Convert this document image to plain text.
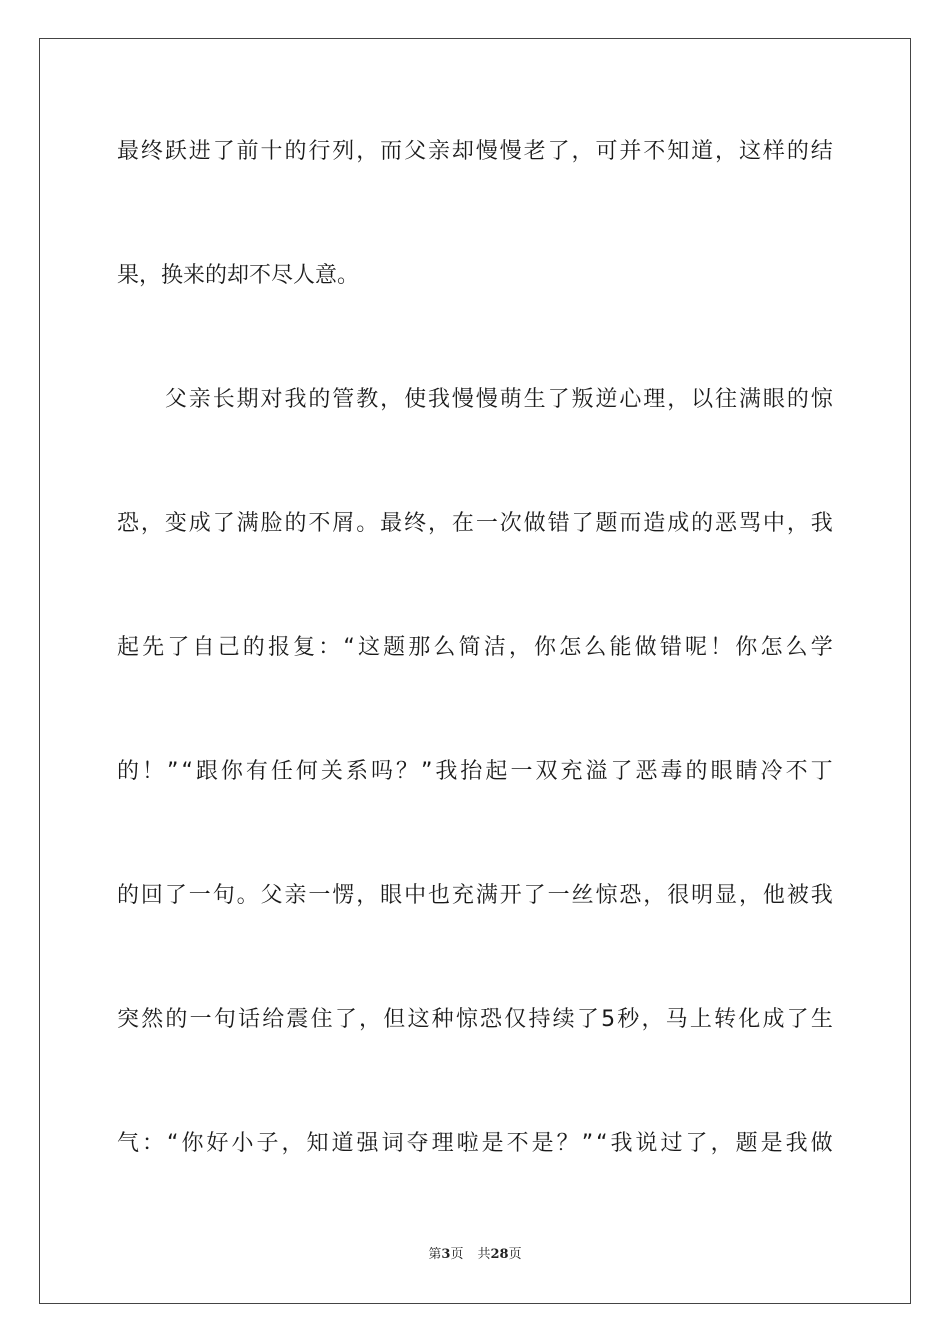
最 终 跃 进 了 前 十 的 行 列 ， 而 父 亲 却 慢 慢 老 了 ， 可 并 不 知 道 ， 这 样 的 结
果，换来的却不尽人意。

父 亲 长 期 对 我 的 管 教 ， 使 我 慢 慢 萌 生 了 叛 逆 心 理 ， 以 往 满 眼 的 惊
恐 ， 变 成 了 满 脸 的 不 屑 。 最 终 ， 在 一 次 做 错 了 题 而 造 成 的 恶 骂 中 ， 我
起 先 了 自 己 的 报 复 ： “ 这 题 那 么 简 洁 ， 你 怎 么 能 做 错 呢 ！ 你 怎 么 学
的 ！ ” “ 跟 你 有 任 何 关 系 吗 ？ ” 我 抬 起 一 双 充 溢 了 恶 毒 的 眼 睛 冷 不 丁
的 回 了 一 句 。 父 亲 一 愣 ， 眼 中 也 充 满 开 了 一 丝 惊 恐 ， 很 明 显 ， 他 被 我
突 然 的 一 句 话 给 震 住 了 ， 但 这 种 惊 恐 仅 持 续 了 5 秒 ， 马 上 转 化 成 了 生
气 ： “ 你 好 小 子 ， 知 道 强 词 夺 理 啦 是 不 是 ？ ” “ 我 说 过 了 ， 题 是 我 做
第3页 共28页
